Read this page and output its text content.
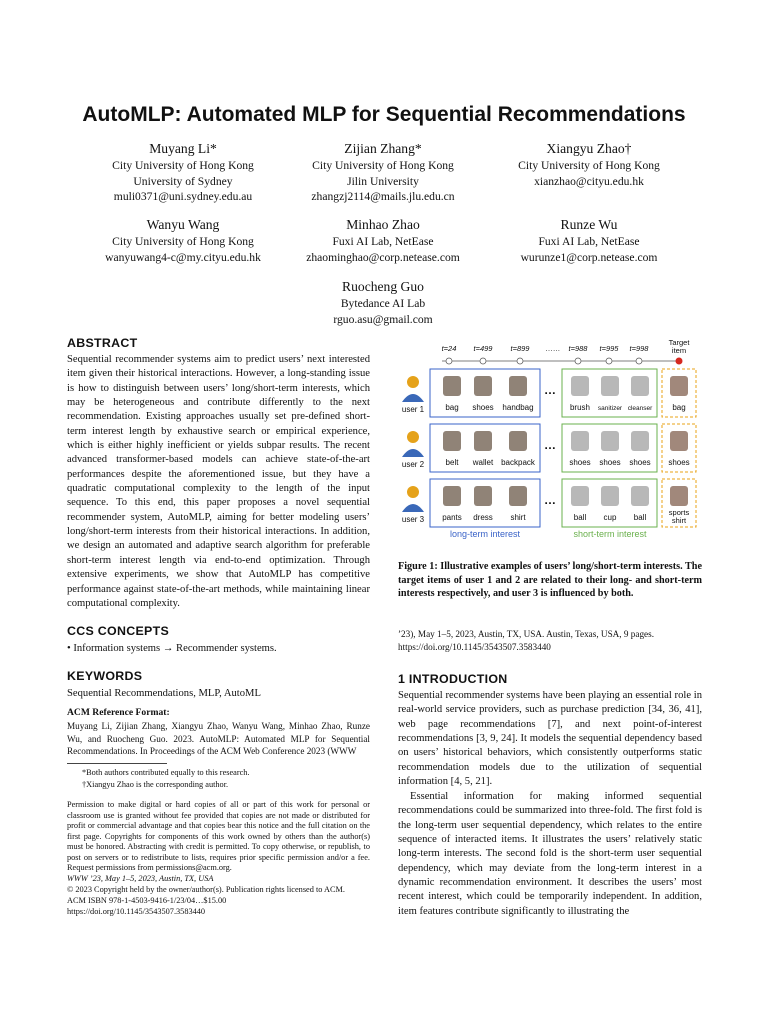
AutoMLP: Automated MLP for Sequential Recommendations
Muyang Li*
City University of Hong Kong
University of Sydney
muli0371@uni.sydney.edu.au
Zijian Zhang*
City University of Hong Kong
Jilin University
zhangzj2114@mails.jlu.edu.cn
Xiangyu Zhao†
City University of Hong Kong
xianzhao@cityu.edu.hk
Wanyu Wang
City University of Hong Kong
wanyuwang4-c@my.cityu.edu.hk
Minhao Zhao
Fuxi AI Lab, NetEase
zhaominghao@corp.netease.com
Runze Wu
Fuxi AI Lab, NetEase
wurunze1@corp.netease.com
Ruocheng Guo
Bytedance AI Lab
rguo.asu@gmail.com
ABSTRACT
Sequential recommender systems aim to predict users’ next interested item given their historical interactions. However, a long-standing issue is how to distinguish between users’ long/short-term interests, which may be heterogeneous and contribute differently to the next recommendation. Existing approaches usually set pre-defined short-term interest length by exhaustive search or empirical experience, which is either highly inefficient or yields subpar results. The recent advanced transformer-based models can achieve state-of-the-art performances despite the aforementioned issue, but they have a quadratic computational complexity to the length of the input sequence. To this end, this paper proposes a novel sequential recommender system, AutoMLP, aiming for better modeling users’ long/short-term interests from their historical interactions. In addition, we design an automated and adaptive search algorithm for preferable short-term interest length via end-to-end optimization. Through extensive experiments, we show that AutoMLP has competitive performance against state-of-the-art methods, while maintaining linear computational complexity.
CCS CONCEPTS
• Information systems → Recommender systems.
KEYWORDS
Sequential Recommendations, MLP, AutoML
ACM Reference Format:
Muyang Li, Zijian Zhang, Xiangyu Zhao, Wanyu Wang, Minhao Zhao, Runze Wu, and Ruocheng Guo. 2023. AutoMLP: Automated MLP for Sequential Recommendations. In Proceedings of the ACM Web Conference 2023 (WWW
*Both authors contributed equally to this research.
†Xiangyu Zhao is the corresponding author.
Permission to make digital or hard copies of all or part of this work for personal or classroom use is granted without fee provided that copies are not made or distributed for profit or commercial advantage and that copies bear this notice and the full citation on the first page. Copyrights for components of this work owned by others than the author(s) must be honored. Abstracting with credit is permitted. To copy otherwise, or republish, to post on servers or to redistribute to lists, requires prior specific permission and/or a fee. Request permissions from permissions@acm.org.
WWW ’23, May 1–5, 2023, Austin, TX, USA
© 2023 Copyright held by the owner/author(s). Publication rights licensed to ACM.
ACM ISBN 978-1-4503-9416-1/23/04…$15.00
https://doi.org/10.1145/3543507.3583440
t=24 t=499 t=899 …… t=988 t=995 t=998
Target
item
user 1	bag shoes handbag
…
brush sanitizer cleanser	bag
user 2	belt wallet backpack
…
shoes shoes shoes shoes
user 3 pants dress shirt
…
ball cup ball
sports
shirt
long-term interest	short-term interest
Figure 1: Illustrative examples of users’ long/short-term interests. The target items of user 1 and 2 are related to their long- and short-term interests respectively, and user 3 is influenced by both.
’23), May 1–5, 2023, Austin, TX, USA. Austin, Texas, USA, 9 pages. https://doi.org/10.1145/3543507.3583440
1 INTRODUCTION
Sequential recommender systems have been playing an essential role in real-world service providers, such as purchase prediction [34, 36, 41], web page recommendations [7], and next point-of-interest recommendations [3, 9, 24]. It models the sequential dependency based on users’ historical behaviors, which consistently outperforms static recommendation models due to the utilization of sequential information [4, 5, 21].
Essential information for making informed sequential recommendations could be summarized into three-fold. The first fold is the long-term user sequential dependency, which relates to the entire sequence of interacted items. It illustrates the users’ relatively static long-term interests. The second fold is the short-term user sequential dependency, which may deviate from the long-term interest in a dynamic recommendation environment. It describes the users’ most recent interest, which could be temporarily independent. In addition, item features contribute significantly to illustrating the
